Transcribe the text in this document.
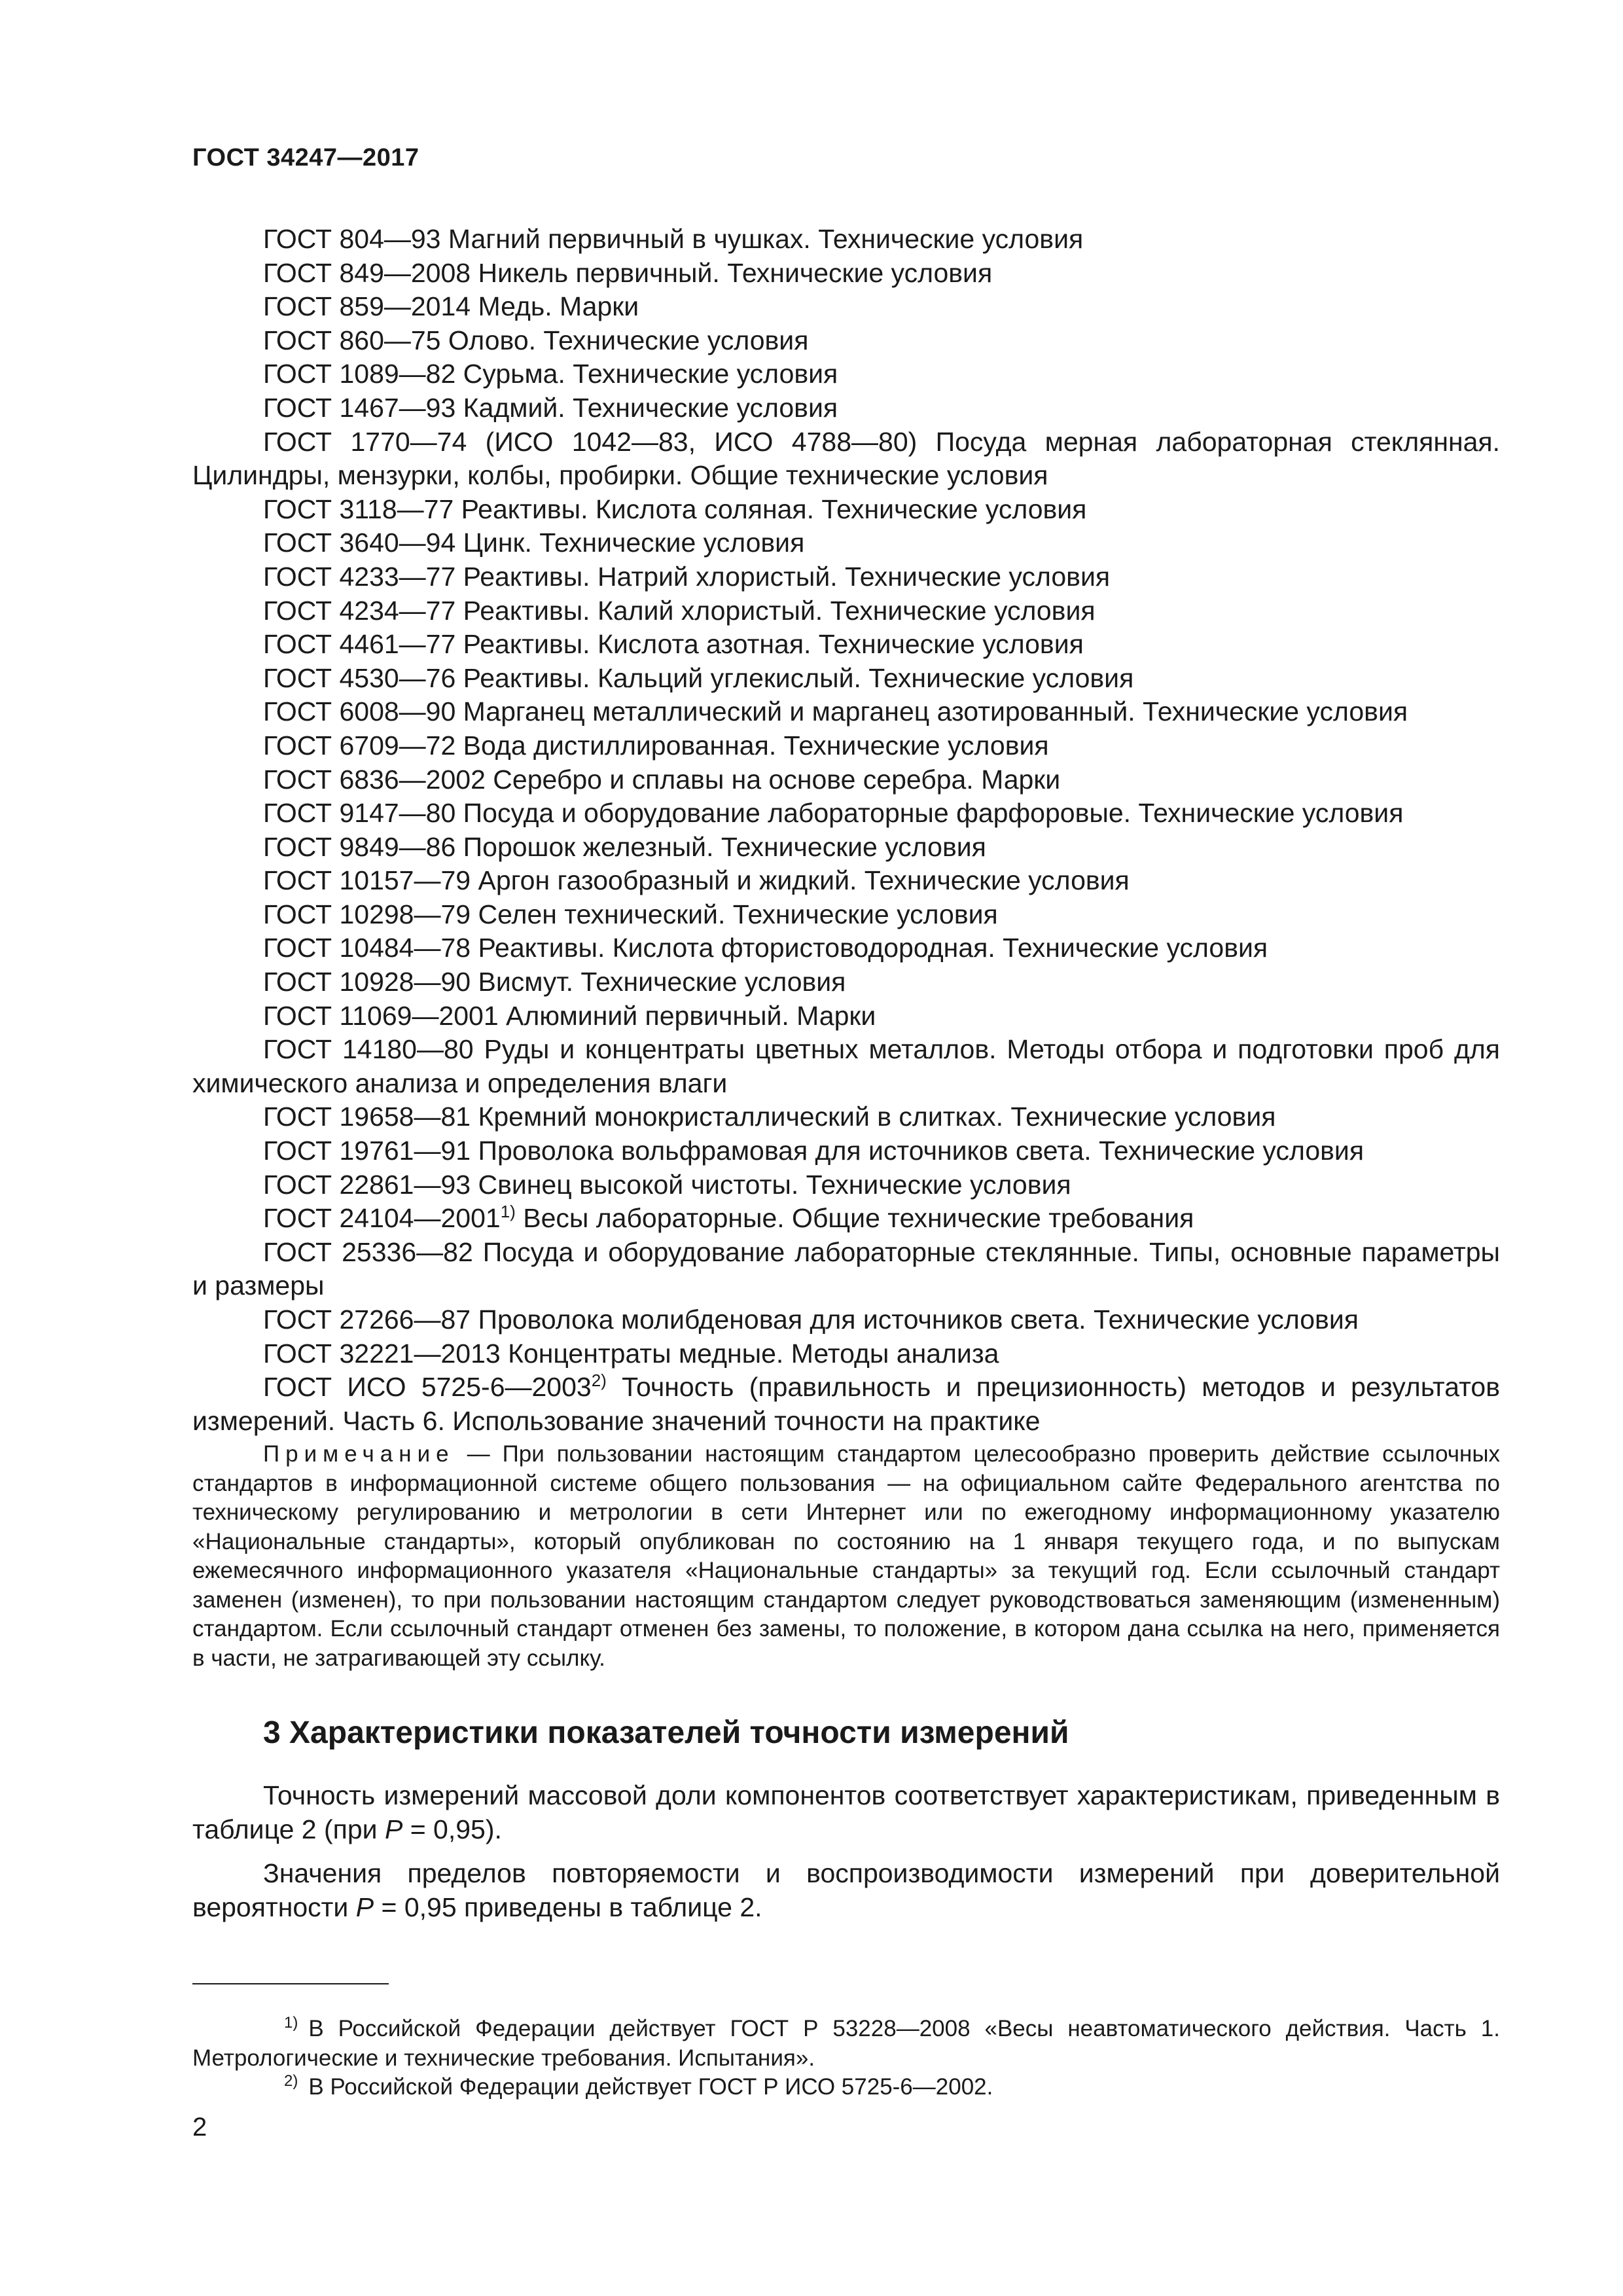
ГОСТ 34247—2017
ГОСТ 804—93 Магний первичный в чушках. Технические условия
ГОСТ 849—2008 Никель первичный. Технические условия
ГОСТ 859—2014 Медь. Марки
ГОСТ 860—75 Олово. Технические условия
ГОСТ 1089—82 Сурьма. Технические условия
ГОСТ 1467—93 Кадмий. Технические условия
ГОСТ 1770—74 (ИСО 1042—83, ИСО 4788—80) Посуда мерная лабораторная стеклянная. Цилиндры, мензурки, колбы, пробирки. Общие технические условия
ГОСТ 3118—77 Реактивы. Кислота соляная. Технические условия
ГОСТ 3640—94 Цинк. Технические условия
ГОСТ 4233—77 Реактивы. Натрий хлористый. Технические условия
ГОСТ 4234—77 Реактивы. Калий хлористый. Технические условия
ГОСТ 4461—77 Реактивы. Кислота азотная. Технические условия
ГОСТ 4530—76 Реактивы. Кальций углекислый. Технические условия
ГОСТ 6008—90 Марганец металлический и марганец азотированный. Технические условия
ГОСТ 6709—72 Вода дистиллированная. Технические условия
ГОСТ 6836—2002 Серебро и сплавы на основе серебра. Марки
ГОСТ 9147—80 Посуда и оборудование лабораторные фарфоровые. Технические условия
ГОСТ 9849—86 Порошок железный. Технические условия
ГОСТ 10157—79 Аргон газообразный и жидкий. Технические условия
ГОСТ 10298—79 Селен технический. Технические условия
ГОСТ 10484—78 Реактивы. Кислота фтористоводородная. Технические условия
ГОСТ 10928—90 Висмут. Технические условия
ГОСТ 11069—2001 Алюминий первичный. Марки
ГОСТ 14180—80 Руды и концентраты цветных металлов. Методы отбора и подготовки проб для химического анализа и определения влаги
ГОСТ 19658—81 Кремний монокристаллический в слитках. Технические условия
ГОСТ 19761—91 Проволока вольфрамовая для источников света. Технические условия
ГОСТ 22861—93 Свинец высокой чистоты. Технические условия
ГОСТ 24104—2001$^{1)}$ Весы лабораторные. Общие технические требования
ГОСТ 25336—82 Посуда и оборудование лабораторные стеклянные. Типы, основные параметры и размеры
ГОСТ 27266—87 Проволока молибденовая для источников света. Технические условия
ГОСТ 32221—2013 Концентраты медные. Методы анализа
ГОСТ ИСО 5725-6—2003$^{2)}$ Точность (правильность и прецизионность) методов и результатов измерений. Часть 6. Использование значений точности на практике
Примечание — При пользовании настоящим стандартом целесообразно проверить действие ссылочных стандартов в информационной системе общего пользования — на официальном сайте Федерального агентства по техническому регулированию и метрологии в сети Интернет или по ежегодному информационному указателю «Национальные стандарты», который опубликован по состоянию на 1 января текущего года, и по выпускам ежемесячного информационного указателя «Национальные стандарты» за текущий год. Если ссылочный стандарт заменен (изменен), то при пользовании настоящим стандартом следует руководствоваться заменяющим (измененным) стандартом. Если ссылочный стандарт отменен без замены, то положение, в котором дана ссылка на него, применяется в части, не затрагивающей эту ссылку.
3 Характеристики показателей точности измерений

Точность измерений массовой доли компонентов соответствует характеристикам, приведенным в таблице 2 (при P = 0,95).

Значения пределов повторяемости и воспроизводимости измерений при доверительной вероятности P = 0,95 приведены в таблице 2.

$^{1)}$ В Российской Федерации действует ГОСТ Р 53228—2008 «Весы неавтоматического действия. Часть 1. Метрологические и технические требования. Испытания».
$^{2)}$ В Российской Федерации действует ГОСТ Р ИСО 5725-6—2002.
2
